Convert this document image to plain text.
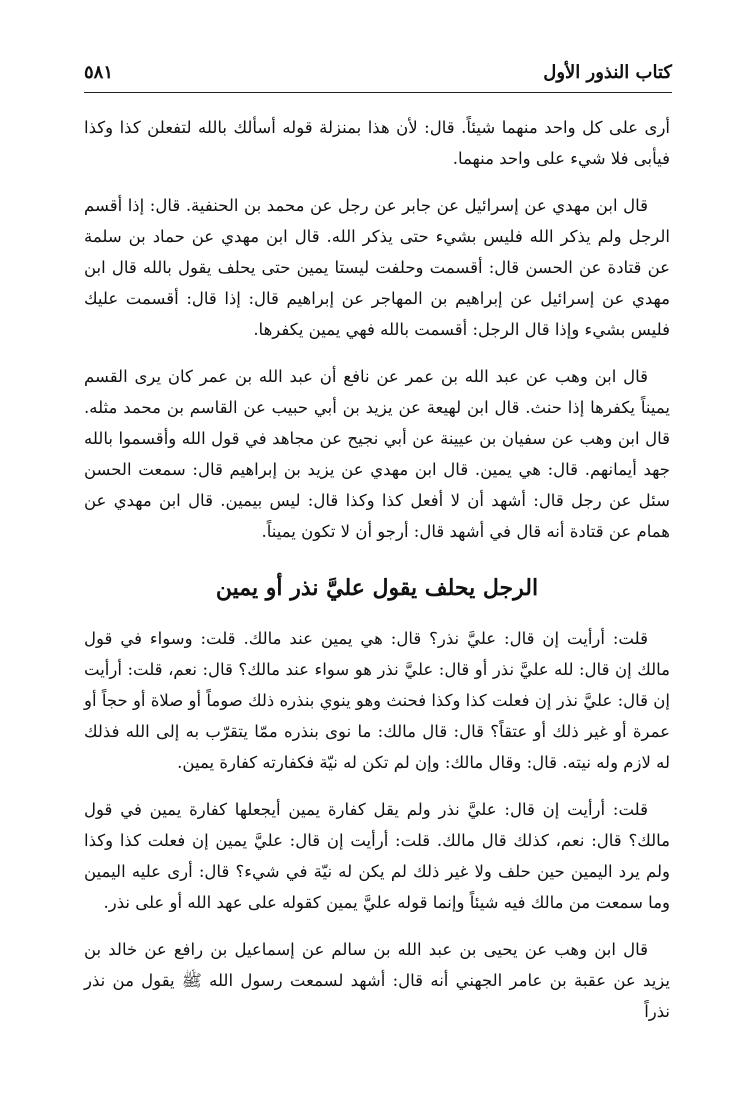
كتاب النذور الأول
٥٨١

أرى على كل واحد منهما شيئاً. قال: لأن هذا بمنزلة قوله أسألك بالله لتفعلن كذا وكذا فيأبى فلا شيء على واحد منهما.

قال ابن مهدي عن إسرائيل عن جابر عن رجل عن محمد بن الحنفية. قال: إذا أقسم الرجل ولم يذكر الله فليس بشيء حتى يذكر الله. قال ابن مهدي عن حماد بن سلمة عن قتادة عن الحسن قال: أقسمت وحلفت ليستا يمين حتى يحلف يقول بالله قال ابن مهدي عن إسرائيل عن إبراهيم بن المهاجر عن إبراهيم قال: إذا قال: أقسمت عليك فليس بشيء وإذا قال الرجل: أقسمت بالله فهي يمين يكفرها.

قال ابن وهب عن عبد الله بن عمر عن نافع أن عبد الله بن عمر كان يرى القسم يميناً يكفرها إذا حنث. قال ابن لهيعة عن يزيد بن أبي حبيب عن القاسم بن محمد مثله. قال ابن وهب عن سفيان بن عيينة عن أبي نجيح عن مجاهد في قول الله وأقسموا بالله جهد أيمانهم. قال: هي يمين. قال ابن مهدي عن يزيد بن إبراهيم قال: سمعت الحسن سئل عن رجل قال: أشهد أن لا أفعل كذا وكذا قال: ليس بيمين. قال ابن مهدي عن همام عن قتادة أنه قال في أشهد قال: أرجو أن لا تكون يميناً.

الرجل يحلف يقول عليَّ نذر أو يمين

قلت: أرأيت إن قال: عليَّ نذر؟ قال: هي يمين عند مالك. قلت: وسواء في قول مالك إن قال: لله عليَّ نذر أو قال: عليَّ نذر هو سواء عند مالك؟ قال: نعم، قلت: أرأيت إن قال: عليَّ نذر إن فعلت كذا وكذا فحنث وهو ينوي بنذره ذلك صوماً أو صلاة أو حجاً أو عمرة أو غير ذلك أو عتقاً؟ قال: قال مالك: ما نوى بنذره ممّا يتقرّب به إلى الله فذلك له لازم وله نيته. قال: وقال مالك: وإن لم تكن له نيّة فكفارته كفارة يمين.

قلت: أرأيت إن قال: عليَّ نذر ولم يقل كفارة يمين أيجعلها كفارة يمين في قول مالك؟ قال: نعم، كذلك قال مالك. قلت: أرأيت إن قال: عليَّ يمين إن فعلت كذا وكذا ولم يرد اليمين حين حلف ولا غير ذلك لم يكن له نيّة في شيء؟ قال: أرى عليه اليمين وما سمعت من مالك فيه شيئاً وإنما قوله عليَّ يمين كقوله على عهد الله أو على نذر.

قال ابن وهب عن يحيى بن عبد الله بن سالم عن إسماعيل بن رافع عن خالد بن يزيد عن عقبة بن عامر الجهني أنه قال: أشهد لسمعت رسول الله ﷺ يقول من نذر نذراً
